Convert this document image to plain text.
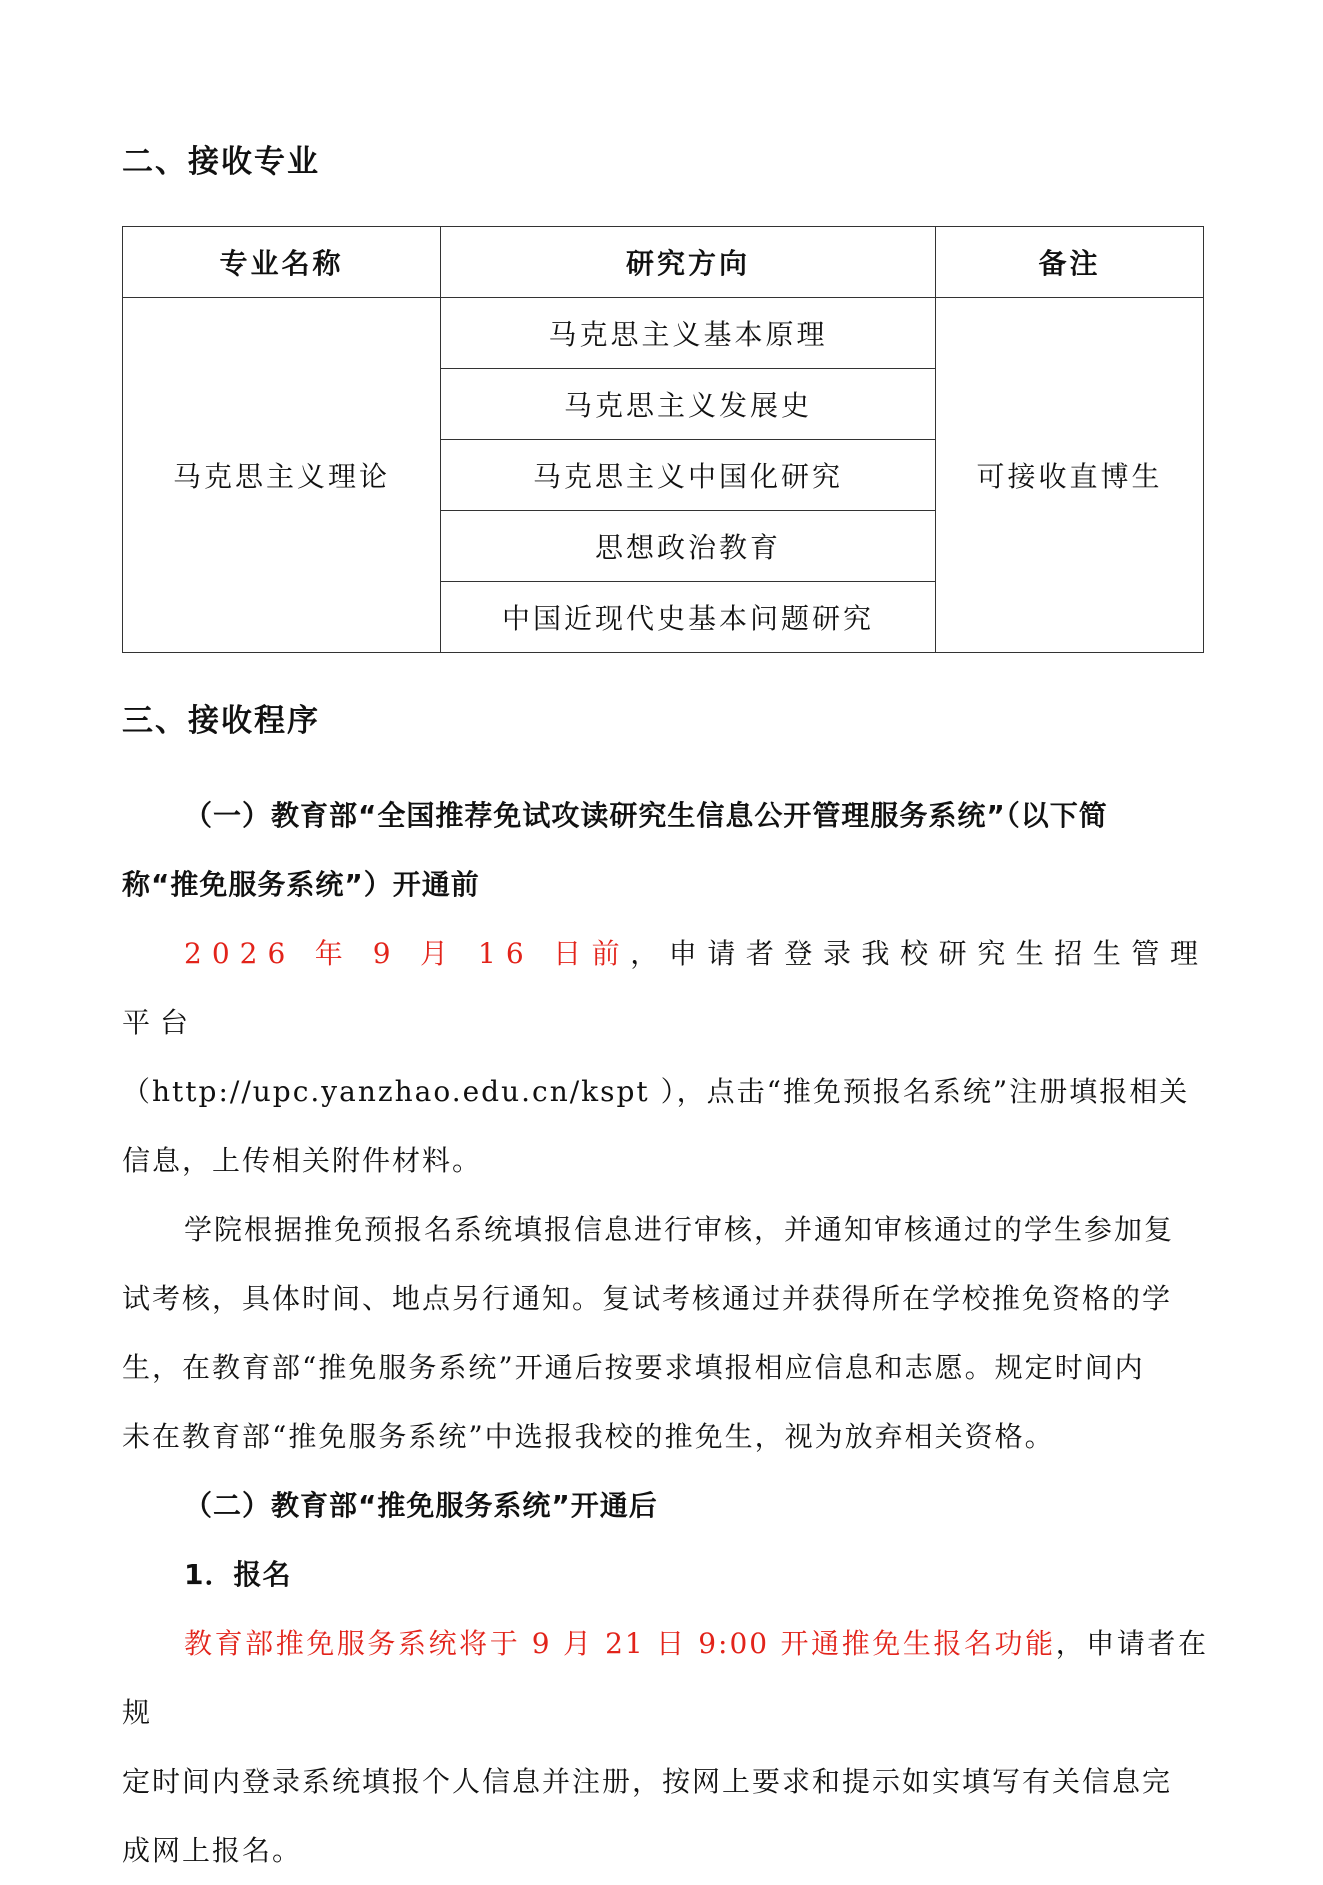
二、接收专业
专业名称	研究方向	备注
马克思主义理论	马克思主义基本原理	可接收直博生
	马克思主义发展史	
	马克思主义中国化研究	
	思想政治教育	
	中国近现代史基本问题研究	
三、接收程序
（一）教育部“全国推荐免试攻读研究生信息公开管理服务系统”（以下简
称“推免服务系统”）开通前

2026 年 9 月 16 日前，申请者登录我校研究生招生管理平台

（http://upc.yanzhao.edu.cn/kspt ），点击“推免预报名系统”注册填报相关

信息，上传相关附件材料。

学院根据推免预报名系统填报信息进行审核，并通知审核通过的学生参加复

试考核，具体时间、地点另行通知。复试考核通过并获得所在学校推免资格的学

生，在教育部“推免服务系统”开通后按要求填报相应信息和志愿。规定时间内

未在教育部“推免服务系统”中选报我校的推免生，视为放弃相关资格。

（二）教育部“推免服务系统”开通后
1．报名

教育部推免服务系统将于 9 月 21 日 9:00 开通推免生报名功能，申请者在规

定时间内登录系统填报个人信息并注册，按网上要求和提示如实填写有关信息完

成网上报名。
